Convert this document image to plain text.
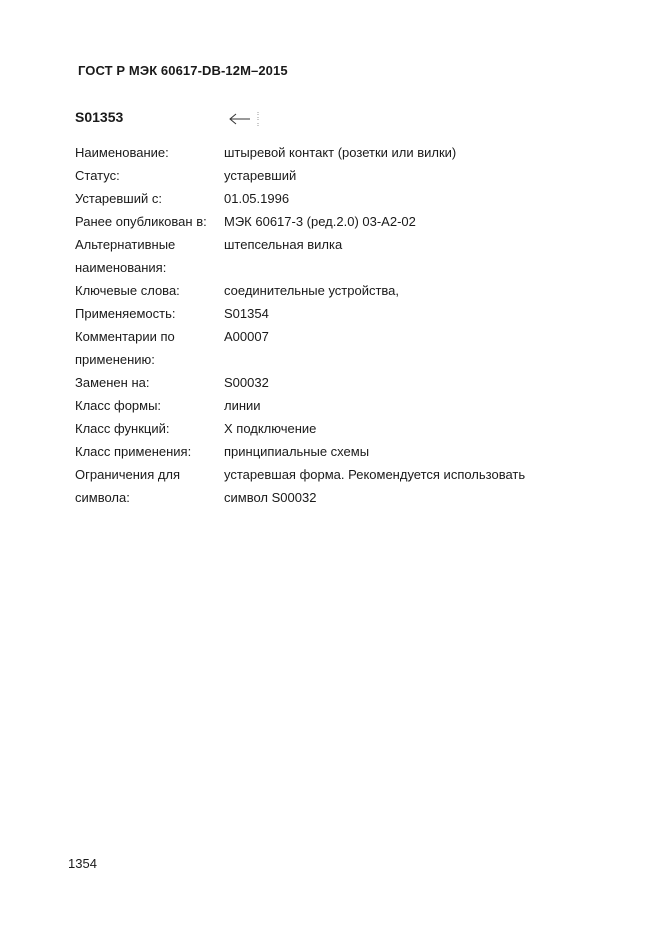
ГОСТ Р МЭК 60617-DB-12М–2015
S01353
Наименование:	штыревой контакт (розетки или вилки)
Статус:	устаревший
Устаревший с:	01.05.1996
Ранее опубликован в:	МЭК 60617-3 (ред.2.0) 03-А2-02
Альтернативные	штепсельная вилка
наименования:
Ключевые слова:	соединительные устройства,
Применяемость:	S01354
Комментарии по	A00007
применению:
Заменен на:	S00032
Класс формы:	линии
Класс функций:	X подключение
Класс применения:	принципиальные схемы
Ограничения для	устаревшая форма. Рекомендуется использовать
символа:	символ S00032
1354
